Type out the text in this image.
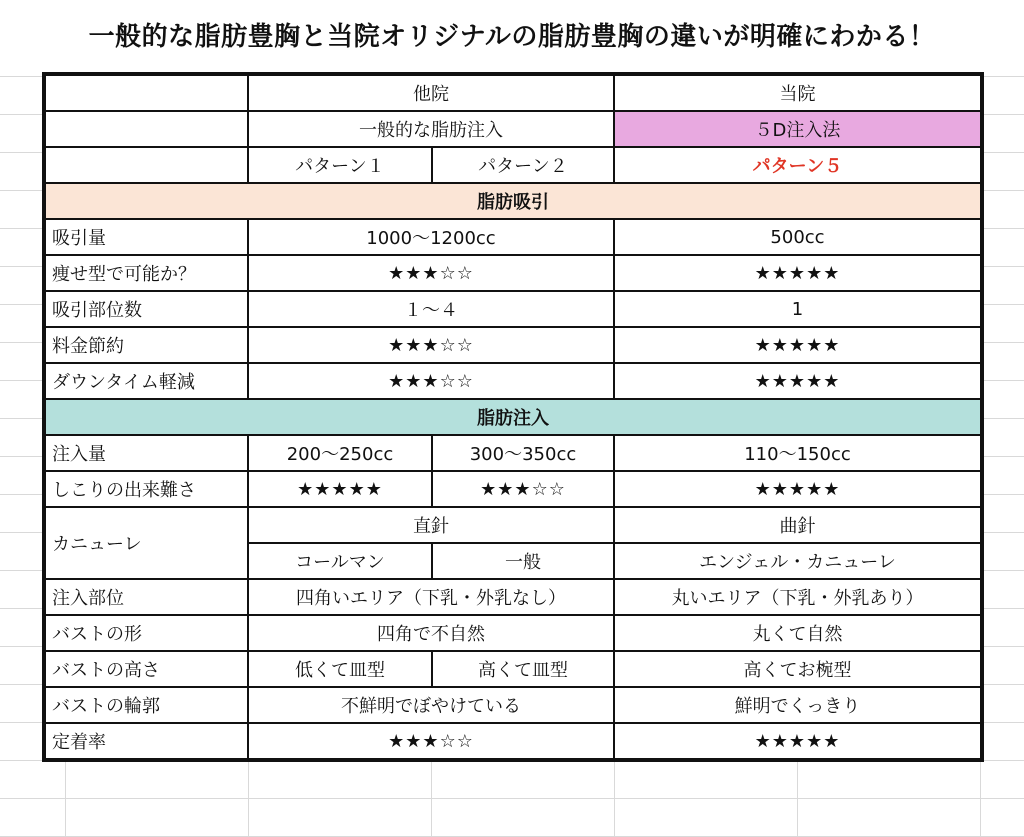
一般的な脂肪豊胸と当院オリジナルの脂肪豊胸の違いが明確にわかる！
	他院		当院
	一般的な脂肪注入		５D注入法
	パターン１	パターン２	パターン５
脂肪吸引			
吸引量	1000〜1200cc		500cc
痩せ型で可能か？	★★★☆☆		★★★★★
吸引部位数	１〜４		1
料金節約	★★★☆☆		★★★★★
ダウンタイム軽減	★★★☆☆		★★★★★
脂肪注入			
注入量	200〜250cc	300〜350cc	110〜150cc
しこりの出来難さ	★★★★★	★★★☆☆	★★★★★
カニューレ	直針		曲針
	コールマン	一般	エンジェル・カニューレ
注入部位	四角いエリア（下乳・外乳なし）		丸いエリア（下乳・外乳あり）
バストの形	四角で不自然		丸くて自然
バストの高さ	低くて皿型	高くて皿型	高くてお椀型
バストの輪郭	不鮮明でぼやけている		鮮明でくっきり
定着率	★★★☆☆		★★★★★
